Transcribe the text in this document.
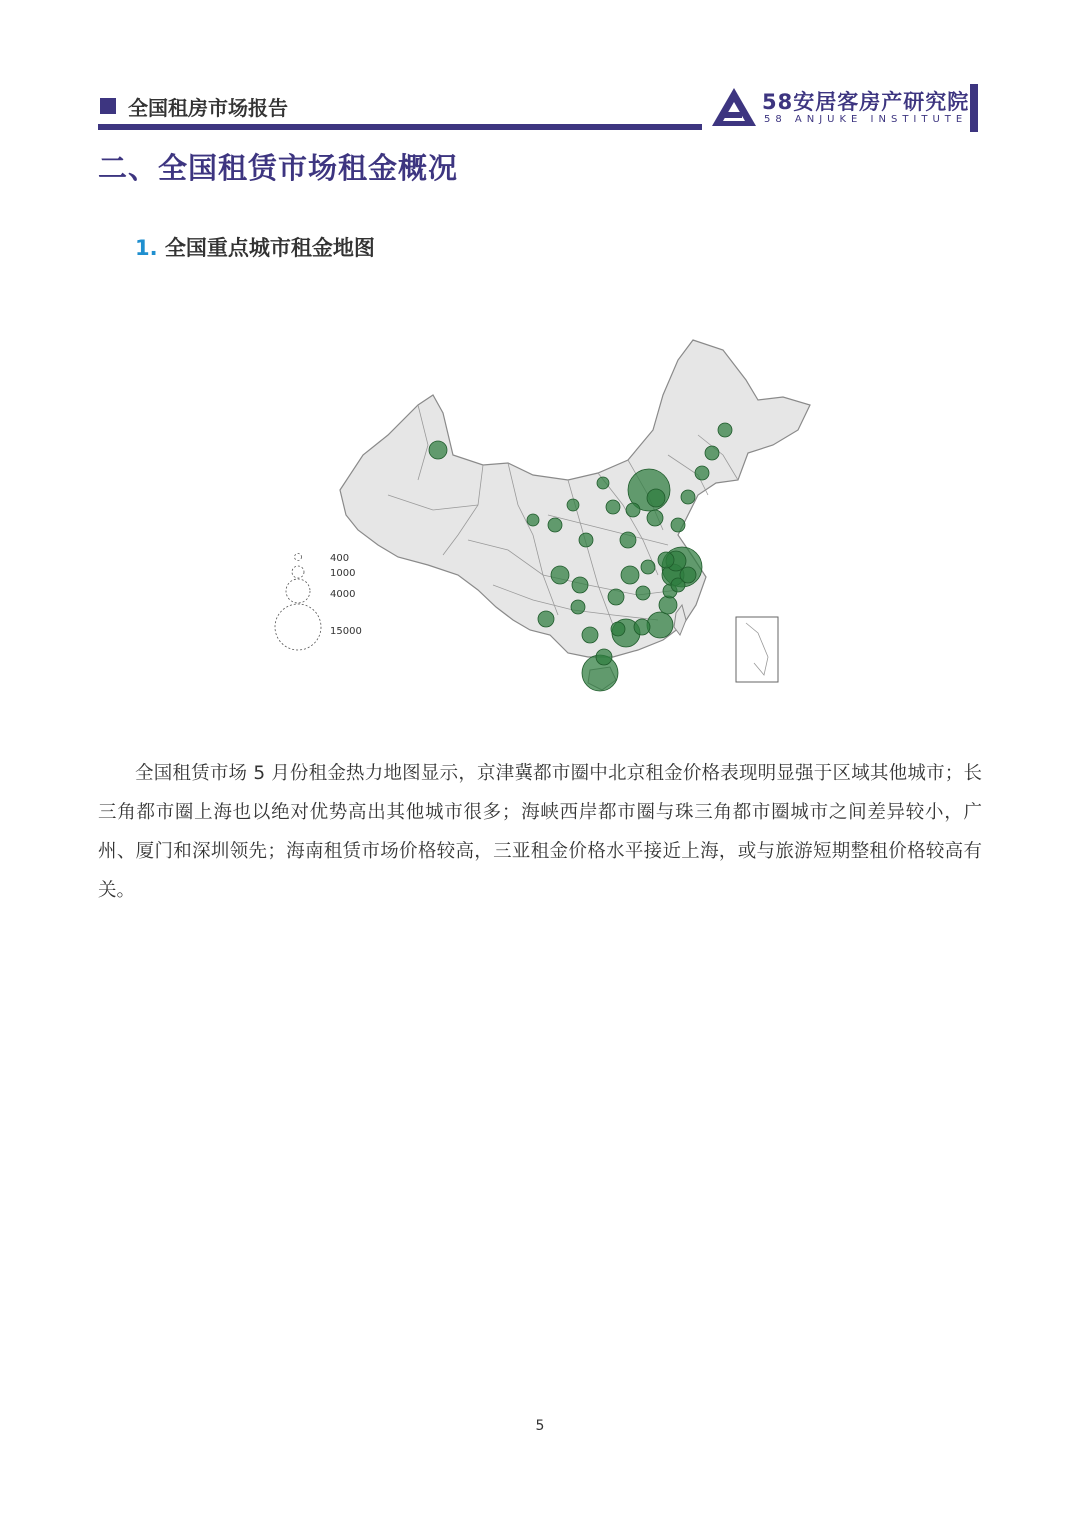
全国租房市场报告	58安居客房产研究院
58 ANJUKE INSTITUTE
二、全国租赁市场租金概况
1. 全国重点城市租金地图
400
1000
4000
15000
全国租赁市场 5 月份租金热力地图显示，京津冀都市圈中北京租金价格表现明显强于区域其他城市；长三角都市圈上海也以绝对优势高出其他城市很多；海峡西岸都市圈与珠三角都市圈城市之间差异较小，广州、厦门和深圳领先；海南租赁市场价格较高，三亚租金价格水平接近上海，或与旅游短期整租价格较高有关。
5
